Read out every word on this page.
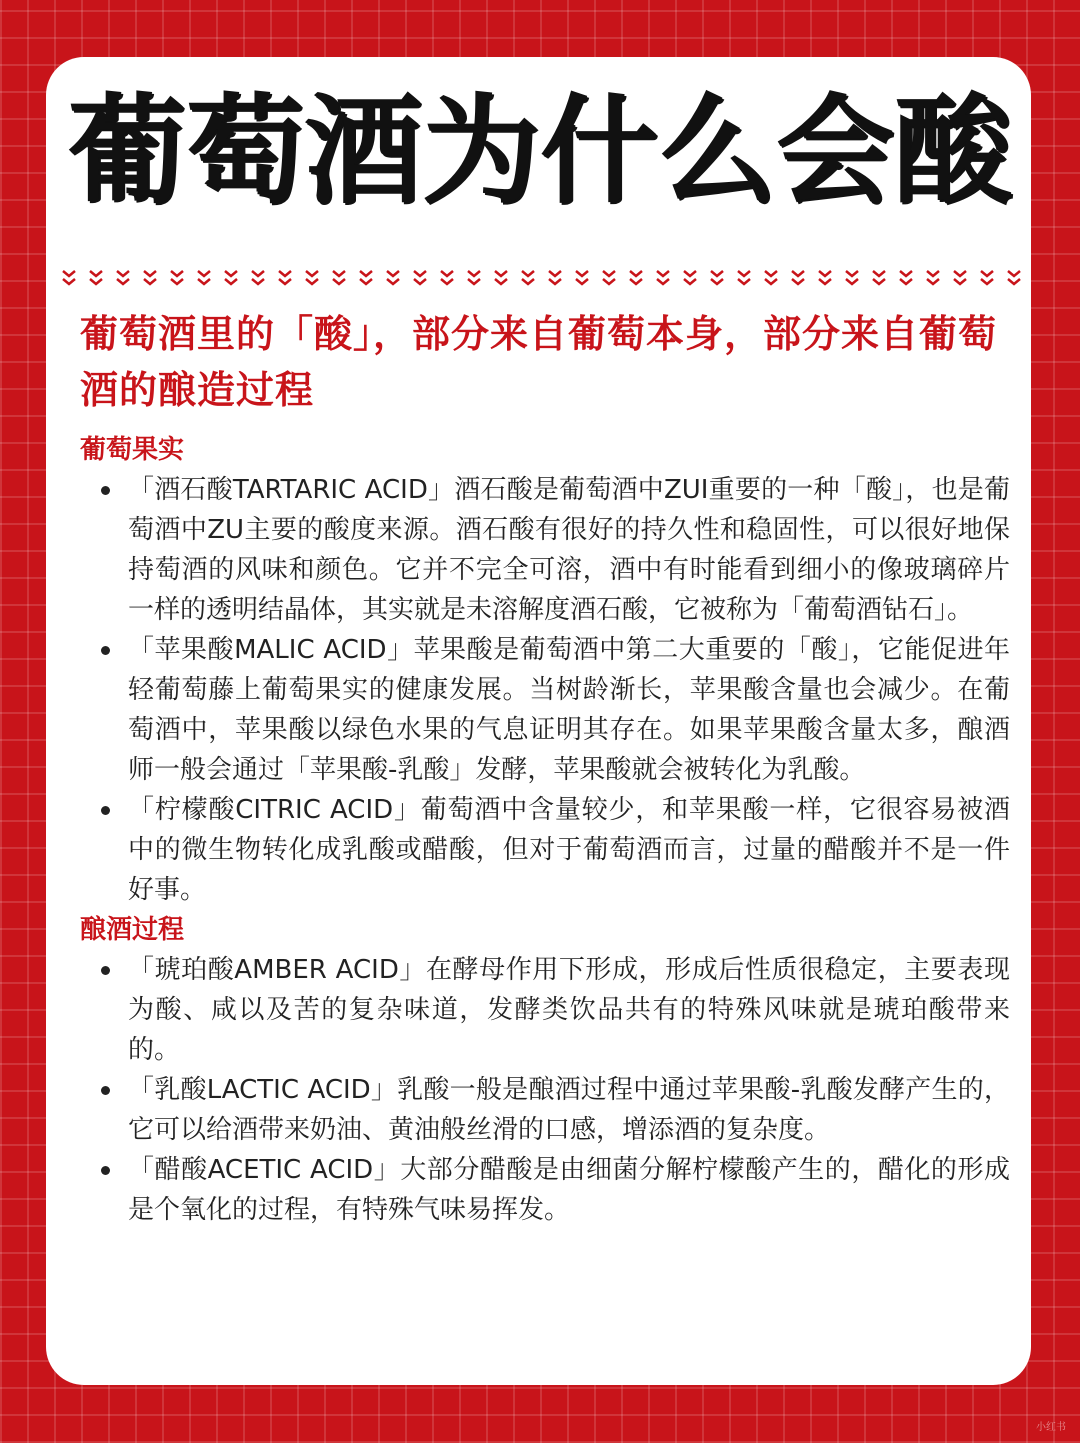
葡萄酒为什么会酸
葡萄酒里的「酸」，部分来自葡萄本身，部分来自葡萄酒的酿造过程
葡萄果实
「酒石酸TARTARIC ACID」酒石酸是葡萄酒中ZUI重要的一种「酸」，也是葡萄酒中ZU主要的酸度来源。酒石酸有很好的持久性和稳固性，可以很好地保持萄酒的风味和颜色。它并不完全可溶，酒中有时能看到细小的像玻璃碎片一样的透明结晶体，其实就是未溶解度酒石酸，它被称为「葡萄酒钻石」。
「苹果酸MALIC ACID」苹果酸是葡萄酒中第二大重要的「酸」，它能促进年轻葡萄藤上葡萄果实的健康发展。当树龄渐长，苹果酸含量也会减少。在葡萄酒中，苹果酸以绿色水果的气息证明其存在。如果苹果酸含量太多，酿酒师一般会通过「苹果酸-乳酸」发酵，苹果酸就会被转化为乳酸。
「柠檬酸CITRIC ACID」葡萄酒中含量较少，和苹果酸一样，它很容易被酒中的微生物转化成乳酸或醋酸，但对于葡萄酒而言，过量的醋酸并不是一件好事。
酿酒过程
「琥珀酸AMBER ACID」在酵母作用下形成，形成后性质很稳定，主要表现为酸、咸以及苦的复杂味道，发酵类饮品共有的特殊风味就是琥珀酸带来的。
「乳酸LACTIC ACID」乳酸一般是酿酒过程中通过苹果酸-乳酸发酵产生的，它可以给酒带来奶油、黄油般丝滑的口感，增添酒的复杂度。
「醋酸ACETIC ACID」大部分醋酸是由细菌分解柠檬酸产生的，醋化的形成是个氧化的过程，有特殊气味易挥发。
小红书
